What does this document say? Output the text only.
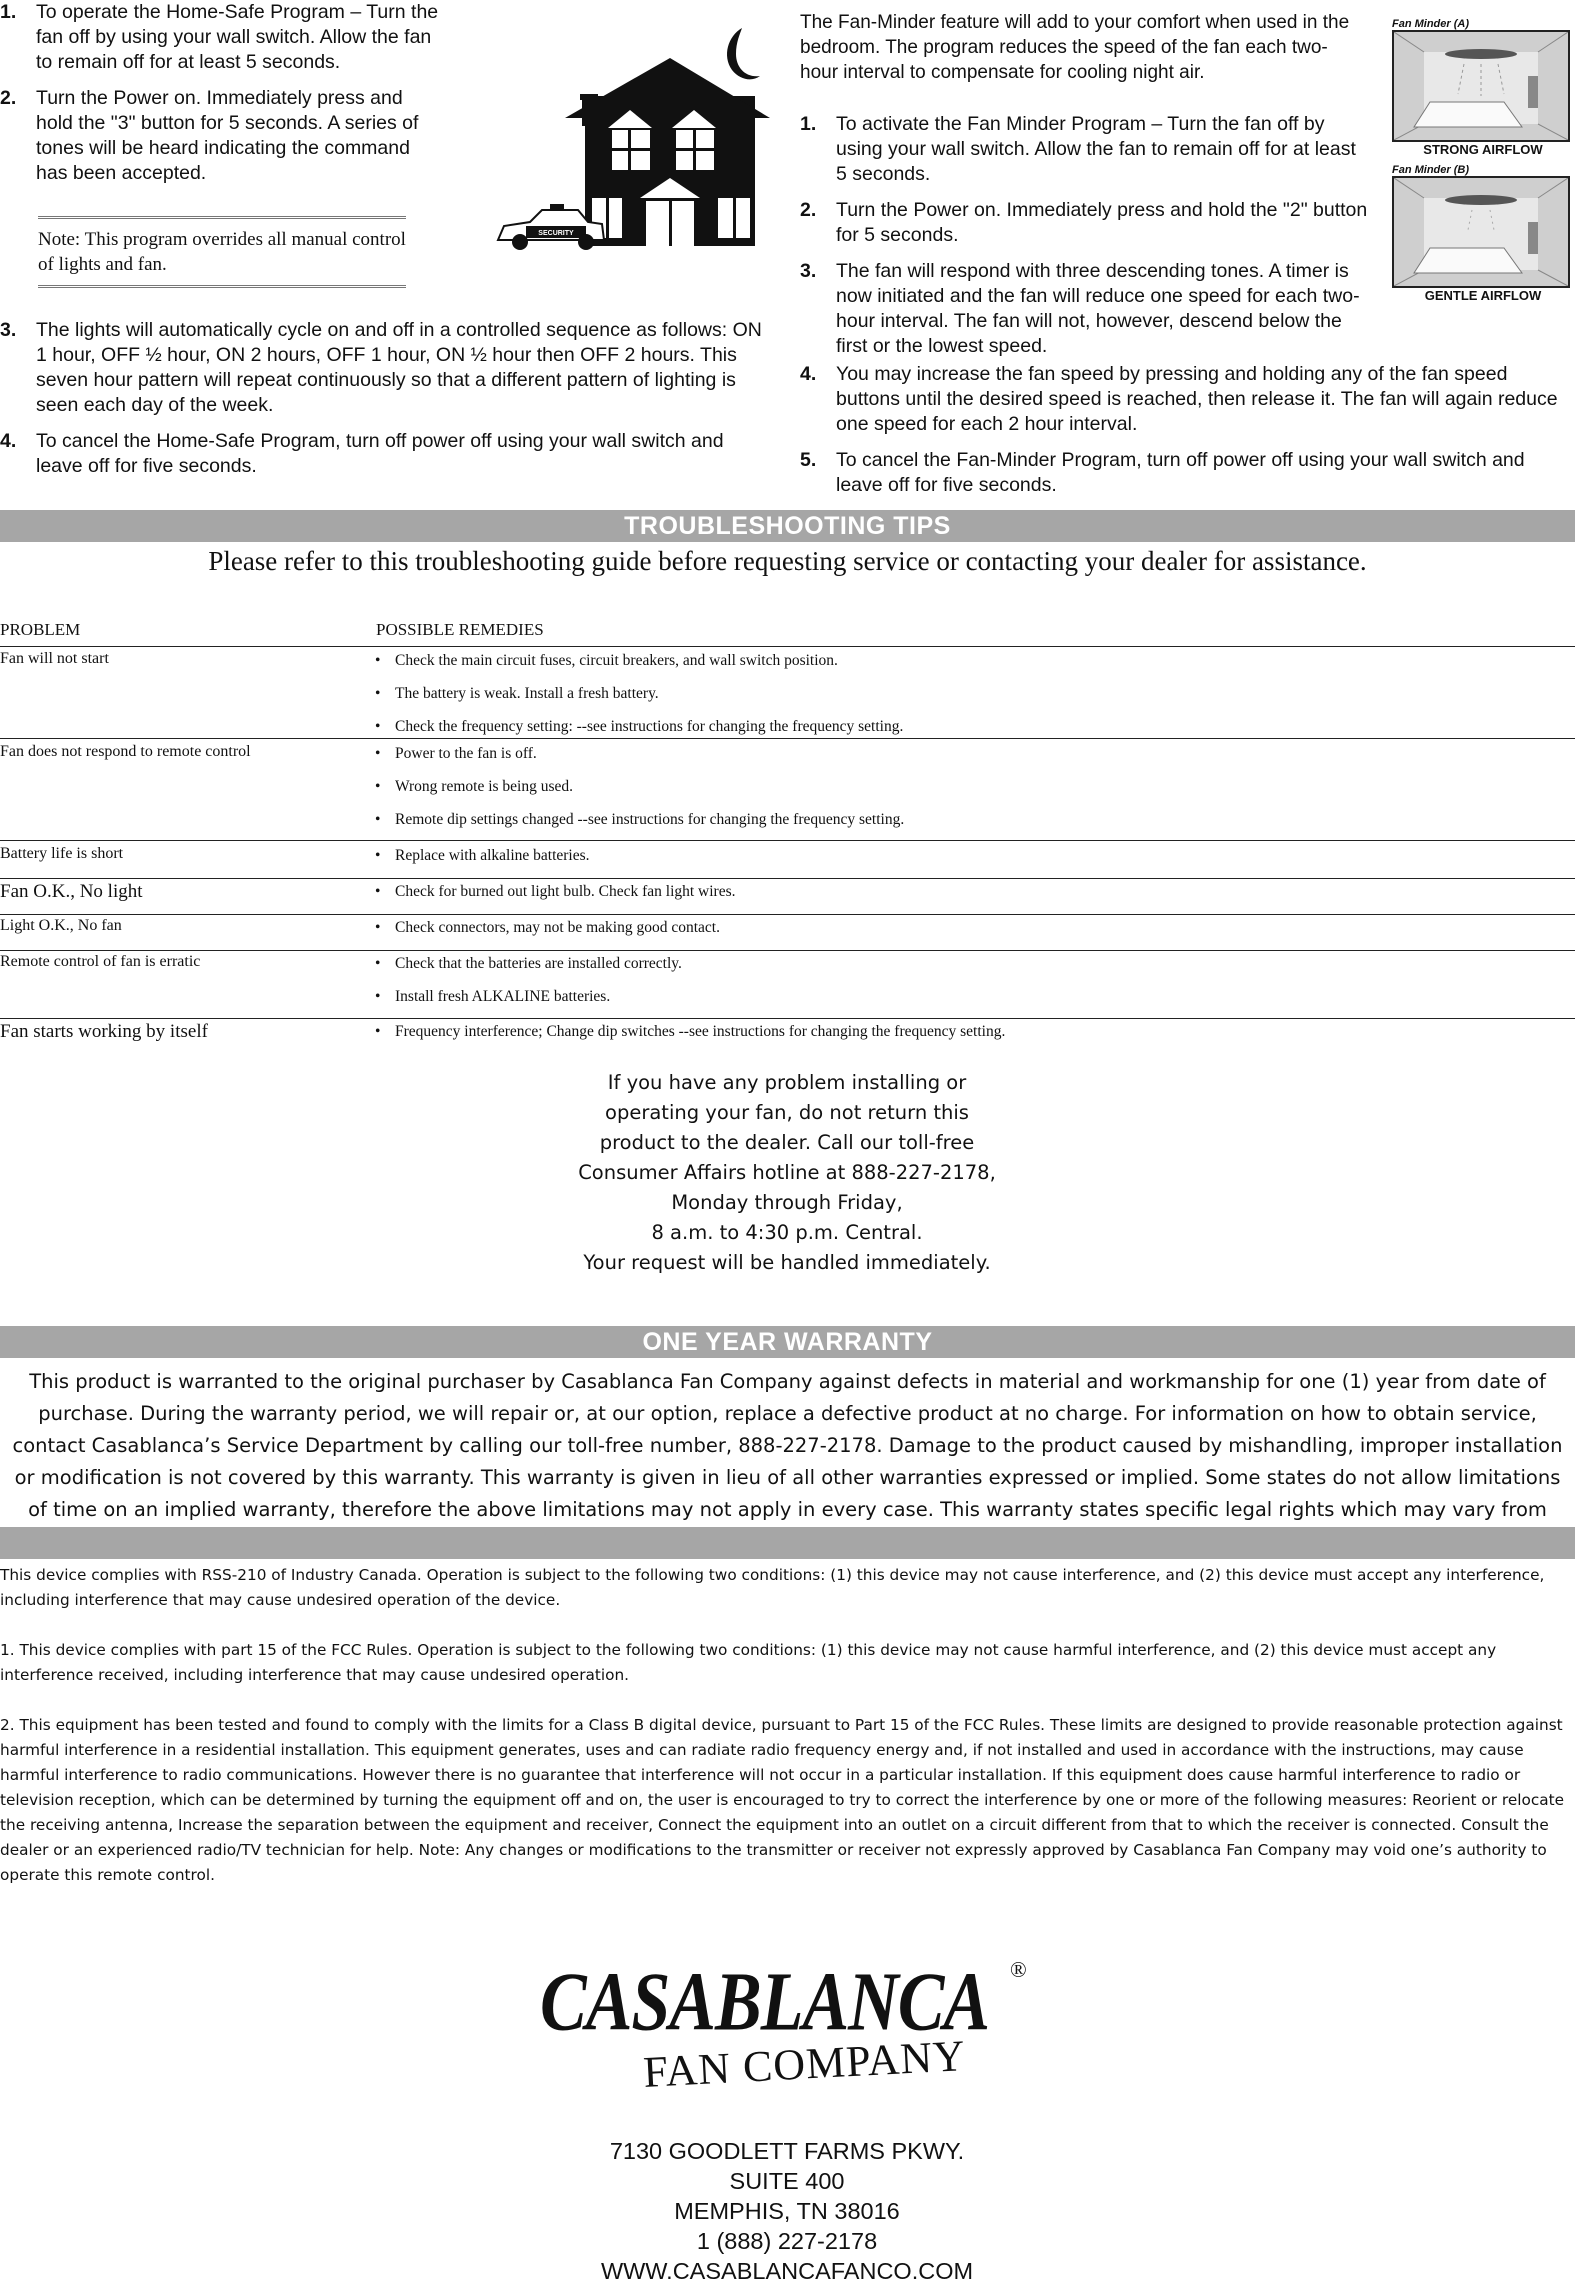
1. To operate the Home-Safe Program – Turn the fan off by using your wall switch. Allow the fan to remain off for at least 5 seconds.
2. Turn the Power on. Immediately press and hold the "3" button for 5 seconds. A series of tones will be heard indicating the command has been accepted.
Note: This program overrides all manual control of lights and fan.
SECURITY
3. The lights will automatically cycle on and off in a controlled sequence as follows: ON 1 hour, OFF ½ hour, ON 2 hours, OFF 1 hour, ON ½ hour then OFF 2 hours. This seven hour pattern will repeat continuously so that a different pattern of lighting is seen each day of the week.
4. To cancel the Home-Safe Program, turn off power off using your wall switch and leave off for five seconds.

The Fan-Minder feature will add to your comfort when used in the bedroom. The program reduces the speed of the fan each two-hour interval to compensate for cooling night air.

1. To activate the Fan Minder Program – Turn the fan off by using your wall switch. Allow the fan to remain off for at least 5 seconds.
2. Turn the Power on. Immediately press and hold the "2" button for 5 seconds.
3. The fan will respond with three descending tones. A timer is now initiated and the fan will reduce one speed for each two-hour interval. The fan will not, however, descend below the first or the lowest speed.
4. You may increase the fan speed by pressing and holding any of the fan speed buttons until the desired speed is reached, then release it. The fan will again reduce one speed for each 2 hour interval.
5. To cancel the Fan-Minder Program, turn off power off using your wall switch and leave off for five seconds.
Fan Minder (A)
STRONG AIRFLOW
Fan Minder (B)
GENTLE AIRFLOW
TROUBLESHOOTING TIPS
Please refer to this troubleshooting guide before requesting service or contacting your dealer for assistance.
PROBLEM	POSSIBLE REMEDIES
Fan will not start	• Check the main circuit fuses, circuit breakers, and wall switch position.
• The battery is weak. Install a fresh battery.
• Check the frequency setting: --see instructions for changing the frequency setting.
Fan does not respond to remote control	• Power to the fan is off.
• Wrong remote is being used.
• Remote dip settings changed --see instructions for changing the frequency setting.
Battery life is short	• Replace with alkaline batteries.
Fan O.K., No light	• Check for burned out light bulb. Check fan light wires.
Light O.K., No fan	• Check connectors, may not be making good contact.
Remote control of fan is erratic	• Check that the batteries are installed correctly.
• Install fresh ALKALINE batteries.
Fan starts working by itself	• Frequency interference; Change dip switches --see instructions for changing the frequency setting.
If you have any problem installing or
operating your fan, do not return this
product to the dealer. Call our toll-free
Consumer Affairs hotline at 888-227-2178,
Monday through Friday,
8 a.m. to 4:30 p.m. Central.
Your request will be handled immediately.
ONE YEAR WARRANTY
This product is warranted to the original purchaser by Casablanca Fan Company against defects in material and workmanship for one (1) year from date of purchase. During the warranty period, we will repair or, at our option, replace a defective product at no charge. For information on how to obtain service, contact Casablanca’s Service Department by calling our toll-free number, 888-227-2178. Damage to the product caused by mishandling, improper installation or modification is not covered by this warranty. This warranty is given in lieu of all other warranties expressed or implied. Some states do not allow limitations of time on an implied warranty, therefore the above limitations may not apply in every case. This warranty states specific legal rights which may vary from

This device complies with RSS-210 of Industry Canada. Operation is subject to the following two conditions: (1) this device may not cause interference, and (2) this device must accept any interference, including interference that may cause undesired operation of the device.

1. This device complies with part 15 of the FCC Rules. Operation is subject to the following two conditions: (1) this device may not cause harmful interference, and (2) this device must accept any interference received, including interference that may cause undesired operation.

2. This equipment has been tested and found to comply with the limits for a Class B digital device, pursuant to Part 15 of the FCC Rules. These limits are designed to provide reasonable protection against harmful interference in a residential installation. This equipment generates, uses and can radiate radio frequency energy and, if not installed and used in accordance with the instructions, may cause harmful interference to radio communications. However there is no guarantee that interference will not occur in a particular installation. If this equipment does cause harmful interference to radio or television reception, which can be determined by turning the equipment off and on, the user is encouraged to try to correct the interference by one or more of the following measures: Reorient or relocate the receiving antenna, Increase the separation between the equipment and receiver, Connect the equipment into an outlet on a circuit different from that to which the receiver is connected. Consult the dealer or an experienced radio/TV technician for help. Note: Any changes or modifications to the transmitter or receiver not expressly approved by Casablanca Fan Company may void one’s authority to operate this remote control.

CASABLANCA ®
FAN COMPANY
7130 GOODLETT FARMS PKWY.
SUITE 400
MEMPHIS, TN 38016
1 (888) 227-2178
WWW.CASABLANCAFANCO.COM
